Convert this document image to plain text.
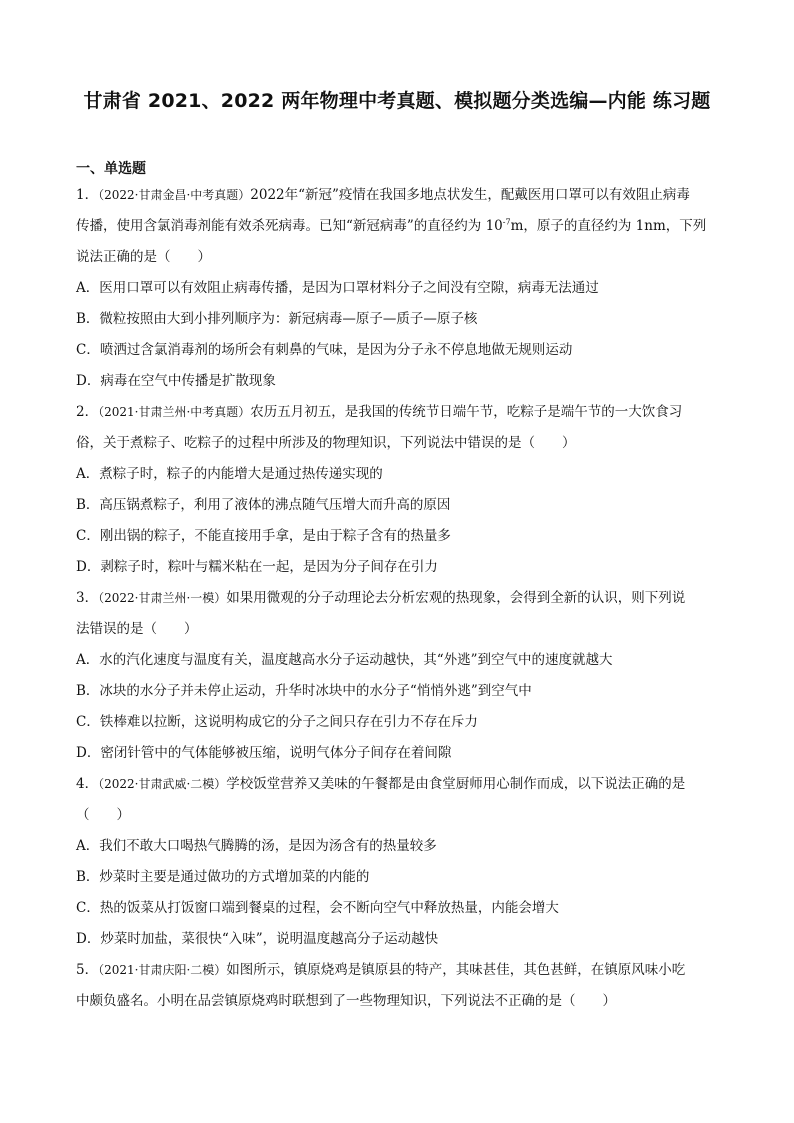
甘肃省 2021、2022 两年物理中考真题、模拟题分类选编—内能 练习题
一、单选题
1．（2022·甘肃金昌·中考真题）2022年“新冠”疫情在我国多地点状发生，配戴医用口罩可以有效阻止病毒
传播，使用含氯消毒剂能有效杀死病毒。已知“新冠病毒”的直径约为 $10^{-7}m$，原子的直径约为 1nm，下列
说法正确的是（　　）
A．医用口罩可以有效阻止病毒传播，是因为口罩材料分子之间没有空隙，病毒无法通过
B．微粒按照由大到小排列顺序为：新冠病毒—原子—质子—原子核
C．喷洒过含氯消毒剂的场所会有刺鼻的气味，是因为分子永不停息地做无规则运动
D．病毒在空气中传播是扩散现象
2．（2021·甘肃兰州·中考真题）农历五月初五，是我国的传统节日端午节，吃粽子是端午节的一大饮食习
俗，关于煮粽子、吃粽子的过程中所涉及的物理知识，下列说法中错误的是（　　）
A．煮粽子时，粽子的内能增大是通过热传递实现的
B．高压锅煮粽子，利用了液体的沸点随气压增大而升高的原因
C．刚出锅的粽子，不能直接用手拿，是由于粽子含有的热量多
D．剥粽子时，粽叶与糯米粘在一起，是因为分子间存在引力
3．（2022·甘肃兰州·一模）如果用微观的分子动理论去分析宏观的热现象，会得到全新的认识，则下列说
法错误的是（　　）
A．水的汽化速度与温度有关，温度越高水分子运动越快，其“外逃”到空气中的速度就越大
B．冰块的水分子并未停止运动，升华时冰块中的水分子“悄悄外逃”到空气中
C．铁棒难以拉断，这说明构成它的分子之间只存在引力不存在斥力
D．密闭针管中的气体能够被压缩，说明气体分子间存在着间隙
4．（2022·甘肃武威·二模）学校饭堂营养又美味的午餐都是由食堂厨师用心制作而成，以下说法正确的是
（　　）
A．我们不敢大口喝热气腾腾的汤，是因为汤含有的热量较多
B．炒菜时主要是通过做功的方式增加菜的内能的
C．热的饭菜从打饭窗口端到餐桌的过程，会不断向空气中释放热量，内能会增大
D．炒菜时加盐，菜很快“入味”，说明温度越高分子运动越快
5．（2021·甘肃庆阳·二模）如图所示，镇原烧鸡是镇原县的特产，其味甚佳，其色甚鲜，在镇原风味小吃
中颇负盛名。小明在品尝镇原烧鸡时联想到了一些物理知识，下列说法不正确的是（　　）
